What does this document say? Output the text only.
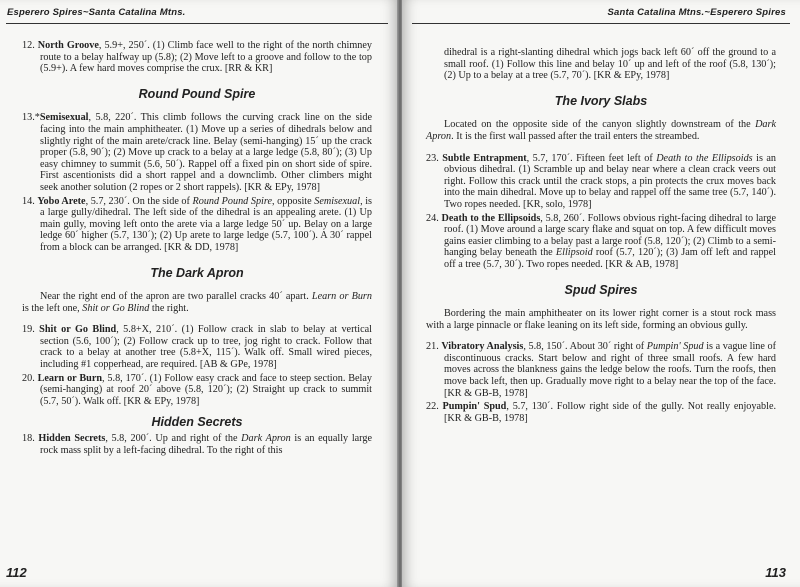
Esperero Spires~Santa Catalina Mtns.

12. North Groove, 5.9+, 250´. (1) Climb face well to the right of the north chimney route to a belay halfway up (5.8); (2) Move left to a groove and follow to the top (5.9+). A few hard moves comprise the crux. [RR & KR]

Round Pound Spire

13.*Semisexual, 5.8, 220´. This climb follows the curving crack line on the side facing into the main amphitheater. (1) Move up a series of dihedrals below and slightly right of the main arete/crack line. Belay (semi-hanging) 15´ up the crack proper (5.8, 90´); (2) Move up crack to a belay at a large ledge (5.8, 80´); (3) Up easy chimney to summit (5.6, 50´). Rappel off a fixed pin on short side of spire. First ascentionists did a short rappel and a downclimb. Other climbers might seek another solution (2 ropes or 2 short rappels). [KR & EPy, 1978]

14. Yobo Arete, 5.7, 230´. On the side of Round Pound Spire, opposite Semisexual, is a large gully/dihedral. The left side of the dihedral is an appealing arete. (1) Up main gully, moving left onto the arete via a large ledge 50´ up. Belay on a large ledge 60´ higher (5.7, 130´); (2) Up arete to large ledge (5.7, 100´). A 30´ rappel from a block can be arranged. [KR & DD, 1978]

The Dark Apron

Near the right end of the apron are two parallel cracks 40´ apart. Learn or Burn is the left one, Shit or Go Blind the right.

19. Shit or Go Blind, 5.8+X, 210´. (1) Follow crack in slab to belay at vertical section (5.6, 100´); (2) Follow crack up to tree, jog right to crack. Follow that crack to a belay at another tree (5.8+X, 115´). Walk off. Small wired pieces, including #1 copperhead, are required. [AB & GPe, 1978]

20. Learn or Burn, 5.8, 170´. (1) Follow easy crack and face to steep section. Belay (semi-hanging) at roof 20´ above (5.8, 120´); (2) Straight up crack to summit (5.7, 50´). Walk off. [KR & EPy, 1978]

Hidden Secrets

18. Hidden Secrets, 5.8, 200´. Up and right of the Dark Apron is an equally large rock mass split by a left-facing dihedral. To the right of this

112
Santa Catalina Mtns.~Esperero Spires

dihedral is a right-slanting dihedral which jogs back left 60´ off the ground to a small roof. (1) Follow this line and belay 10´ up and left of the roof (5.8, 130´); (2) Up to a belay at a tree (5.7, 70´). [KR & EPy, 1978]

The Ivory Slabs

Located on the opposite side of the canyon slightly downstream of the Dark Apron. It is the first wall passed after the trail enters the streambed.

23. Subtle Entrapment, 5.7, 170´. Fifteen feet left of Death to the Ellipsoids is an obvious dihedral. (1) Scramble up and belay near where a clean crack veers out right. Follow this crack until the crack stops, a pin protects the crux moves back into the main dihedral. Move up to belay and rappel off the same tree (5.7, 140´). Two ropes needed. [KR, solo, 1978]

24. Death to the Ellipsoids, 5.8, 260´. Follows obvious right-facing dihedral to large roof. (1) Move around a large scary flake and squat on top. A few difficult moves gains easier climbing to a belay past a large roof (5.8, 120´); (2) Climb to a semi-hanging belay beneath the Ellipsoid roof (5.7, 120´); (3) Jam off left and rappel off a tree (5.7, 30´). Two ropes needed. [KR & AB, 1978]

Spud Spires

Bordering the main amphitheater on its lower right corner is a stout rock mass with a large pinnacle or flake leaning on its left side, forming an obvious gully.

21. Vibratory Analysis, 5.8, 150´. About 30´ right of Pumpin' Spud is a vague line of discontinuous cracks. Start below and right of three small roofs. A few hard moves across the blankness gains the ledge below the roofs. Turn the roofs, then move back left, then up. Gradually move right to a belay near the top of the face. [KR & GB-B, 1978]

22. Pumpin' Spud, 5.7, 130´. Follow right side of the gully. Not really enjoyable. [KR & GB-B, 1978]

113
